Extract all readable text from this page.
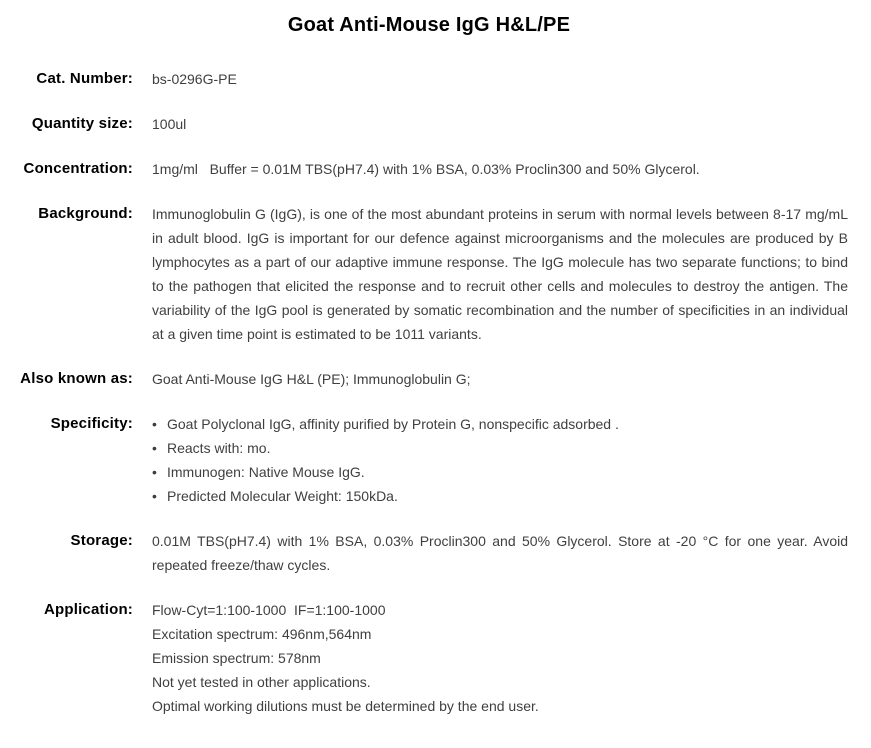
Goat Anti-Mouse IgG H&L/PE
Cat. Number: bs-0296G-PE
Quantity size: 100ul
Concentration: 1mg/ml   Buffer = 0.01M TBS(pH7.4) with 1% BSA, 0.03% Proclin300 and 50% Glycerol.
Background: Immunoglobulin G (IgG), is one of the most abundant proteins in serum with normal levels between 8-17 mg/mL in adult blood. IgG is important for our defence against microorganisms and the molecules are produced by B lymphocytes as a part of our adaptive immune response. The IgG molecule has two separate functions; to bind to the pathogen that elicited the response and to recruit other cells and molecules to destroy the antigen. The variability of the IgG pool is generated by somatic recombination and the number of specificities in an individual at a given time point is estimated to be 1011 variants.
Also known as: Goat Anti-Mouse IgG H&L (PE); Immunoglobulin G;
Specificity: • Goat Polyclonal IgG, affinity purified by Protein G, nonspecific adsorbed .
• Reacts with: mo.
• Immunogen: Native Mouse IgG.
• Predicted Molecular Weight: 150kDa.
Storage: 0.01M TBS(pH7.4) with 1% BSA, 0.03% Proclin300 and 50% Glycerol. Store at -20 °C for one year. Avoid repeated freeze/thaw cycles.
Application: Flow-Cyt=1:100-1000  IF=1:100-1000
Excitation spectrum: 496nm,564nm
Emission spectrum: 578nm
Not yet tested in other applications.
Optimal working dilutions must be determined by the end user.
